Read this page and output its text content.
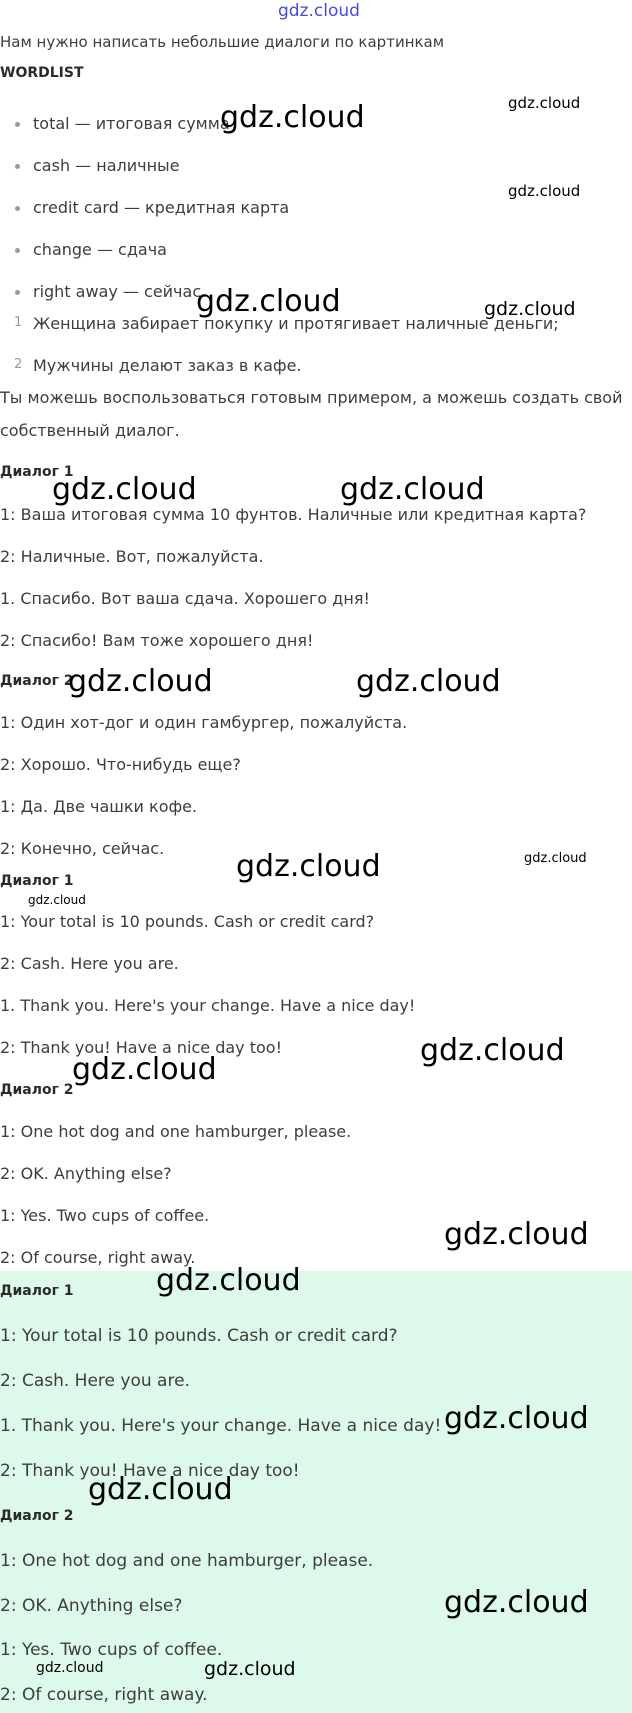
gdz.cloud
Нам нужно написать небольшие диалоги по картинкам
WORDLIST
total — итоговая сумма
cash — наличные
credit card — кредитная карта
change — сдача
right away — сейчас
1 Женщина забирает покупку и протягивает наличные деньги;
2 Мужчины делают заказ в кафе.
Ты можешь воспользоваться готовым примером, а можешь создать свой
собственный диалог.
Диалог 1
1: Ваша итоговая сумма 10 фунтов. Наличные или кредитная карта?
2: Наличные. Вот, пожалуйста.
1. Спасибо. Вот ваша сдача. Хорошего дня!
2: Спасибо! Вам тоже хорошего дня!
Диалог 2
1: Один хот-дог и один гамбургер, пожалуйста.
2: Хорошо. Что-нибудь еще?
1: Да. Две чашки кофе.
2: Конечно, сейчас.
Диалог 1
1: Your total is 10 pounds. Cash or credit card?
2: Cash. Here you are.
1. Thank you. Here's your change. Have a nice day!
2: Thank you! Have a nice day too!
Диалог 2
1: One hot dog and one hamburger, please.
2: OK. Anything else?
1: Yes. Two cups of coffee.
2: Of course, right away.
Диалог 1
1: Your total is 10 pounds. Cash or credit card?
2: Cash. Here you are.
1. Thank you. Here's your change. Have a nice day!
2: Thank you! Have a nice day too!
Диалог 2
1: One hot dog and one hamburger, please.
2: OK. Anything else?
1: Yes. Two cups of coffee.
2: Of course, right away.
gdz.cloud	gdz.cloud
gdz.cloud
gdz.cloud	gdz.cloud
gdz.cloud	gdz.cloud
gdz.cloud	gdz.cloud
gdz.cloud	gdz.cloud
gdz.cloud
gdz.cloud
gdz.cloud
gdz.cloud
gdz.cloud
gdz.cloud
gdz.cloud
gdz.cloud
gdz.cloud	gdz.cloud
